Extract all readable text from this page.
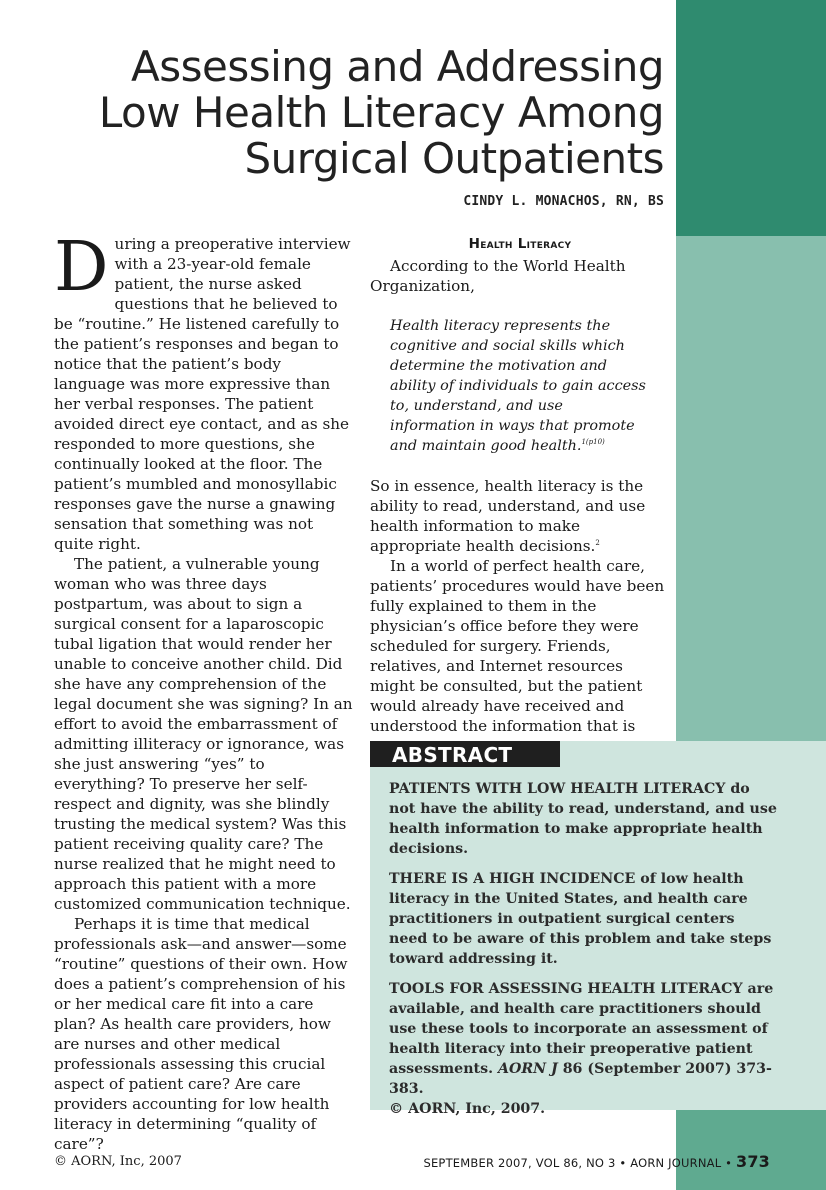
Assessing and Addressing
Low Health Literacy Among
Surgical Outpatients
CINDY L. MONACHOS, RN, BS

During a preoperative interview with a 23-year-old female patient, the nurse asked questions that he believed to be “routine.” He listened carefully to the patient’s responses and began to notice that the patient’s body language was more expressive than her verbal responses. The patient avoided direct eye contact, and as she responded to more questions, she continually looked at the floor. The patient’s mumbled and monosyllabic responses gave the nurse a gnawing sensation that something was not quite right.

The patient, a vulnerable young woman who was three days postpartum, was about to sign a surgical consent for a laparoscopic tubal ligation that would render her unable to conceive another child. Did she have any comprehension of the legal document she was signing? In an effort to avoid the embarrassment of admitting illiteracy or ignorance, was she just answering “yes” to everything? To preserve her self-respect and dignity, was she blindly trusting the medical system? Was this patient receiving quality care? The nurse realized that he might need to approach this patient with a more customized communication technique.

Perhaps it is time that medical professionals ask—and answer—some “routine” questions of their own. How does a patient’s comprehension of his or her medical care fit into a care plan? As health care providers, how are nurses and other medical professionals assessing this crucial aspect of patient care? Are care providers accounting for low health literacy in determining “quality of care”?

Health Literacy

According to the World Health Organization,

Health literacy represents the cognitive and social skills which determine the motivation and ability of individuals to gain access to, understand, and use information in ways that promote and maintain good health.$^{1(p10)}$

So in essence, health literacy is the ability to read, understand, and use health information to make appropriate health decisions.$^2$

In a world of perfect health care, patients’ procedures would have been fully explained to them in the physician’s office before they were scheduled for surgery. Friends, relatives, and Internet resources might be consulted, but the patient would already have received and understood the information that is

ABSTRACT

PATIENTS WITH LOW HEALTH LITERACY do not have the ability to read, understand, and use health information to make appropriate health decisions.

THERE IS A HIGH INCIDENCE of low health literacy in the United States, and health care practitioners in outpatient surgical centers need to be aware of this problem and take steps toward addressing it.

TOOLS FOR ASSESSING HEALTH LITERACY are available, and health care practitioners should use these tools to incorporate an assessment of health literacy into their preoperative patient assessments. AORN J 86 (September 2007) 373-383.
© AORN, Inc, 2007.

© AORN, Inc, 2007	SEPTEMBER 2007, VOL 86, NO 3 • AORN JOURNAL • 373
